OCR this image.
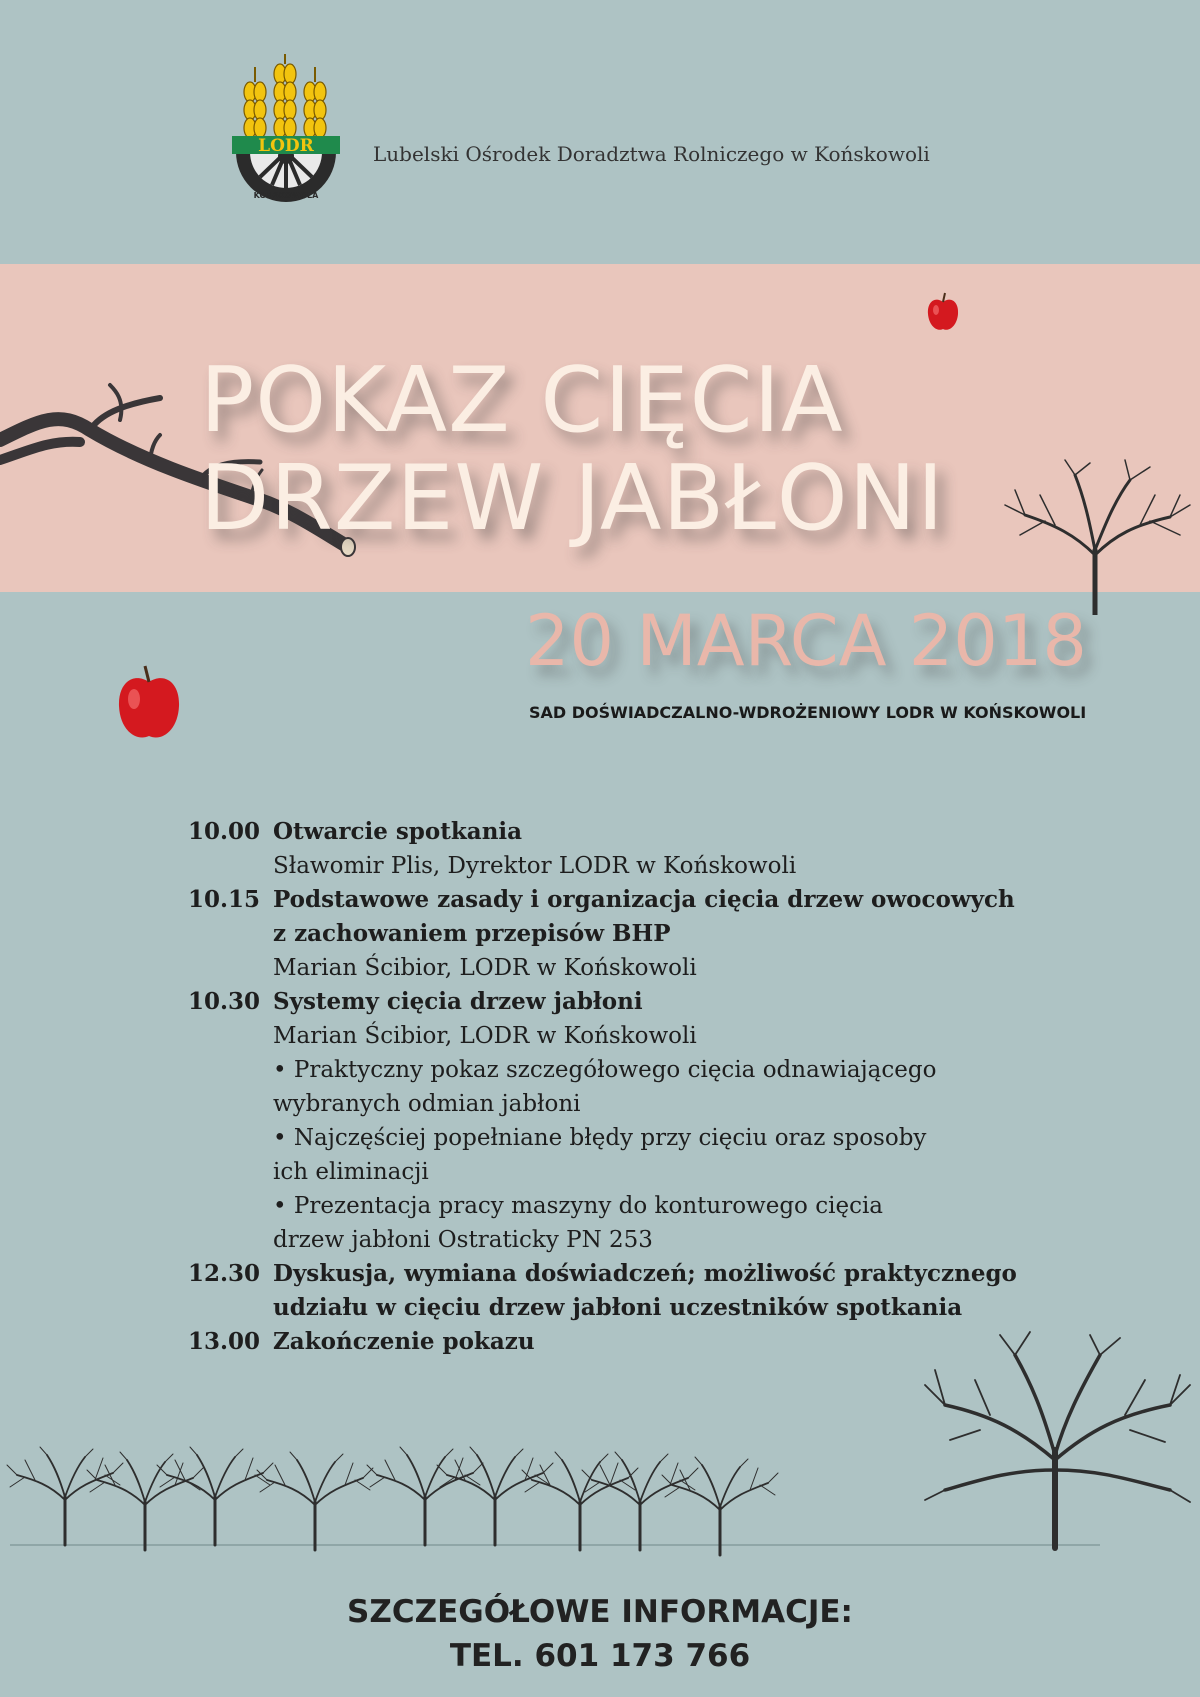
LODR
KOŃSKOWOLA
Lubelski Ośrodek Doradztwa Rolniczego w Końskowoli
POKAZ CIĘCIA
DRZEW JABŁONI
20 MARCA 2018
SAD DOŚWIADCZALNO-WDROŻENIOWY LODR W KOŃSKOWOLI
10.00 Otwarcie spotkania
Sławomir Plis, Dyrektor LODR w Końskowoli
10.15 Podstawowe zasady i organizacja cięcia drzew owocowych
z zachowaniem przepisów BHP
Marian Ścibior, LODR w Końskowoli
10.30 Systemy cięcia drzew jabłoni
Marian Ścibior, LODR w Końskowoli
• Praktyczny pokaz szczegółowego cięcia odnawiającego
wybranych odmian jabłoni
• Najczęściej popełniane błędy przy cięciu oraz sposoby
ich eliminacji
• Prezentacja pracy maszyny do konturowego cięcia
drzew jabłoni Ostraticky PN 253
12.30 Dyskusja, wymiana doświadczeń; możliwość praktycznego
udziału w cięciu drzew jabłoni uczestników spotkania
13.00 Zakończenie pokazu
SZCZEGÓŁOWE INFORMACJE:
TEL. 601 173 766
